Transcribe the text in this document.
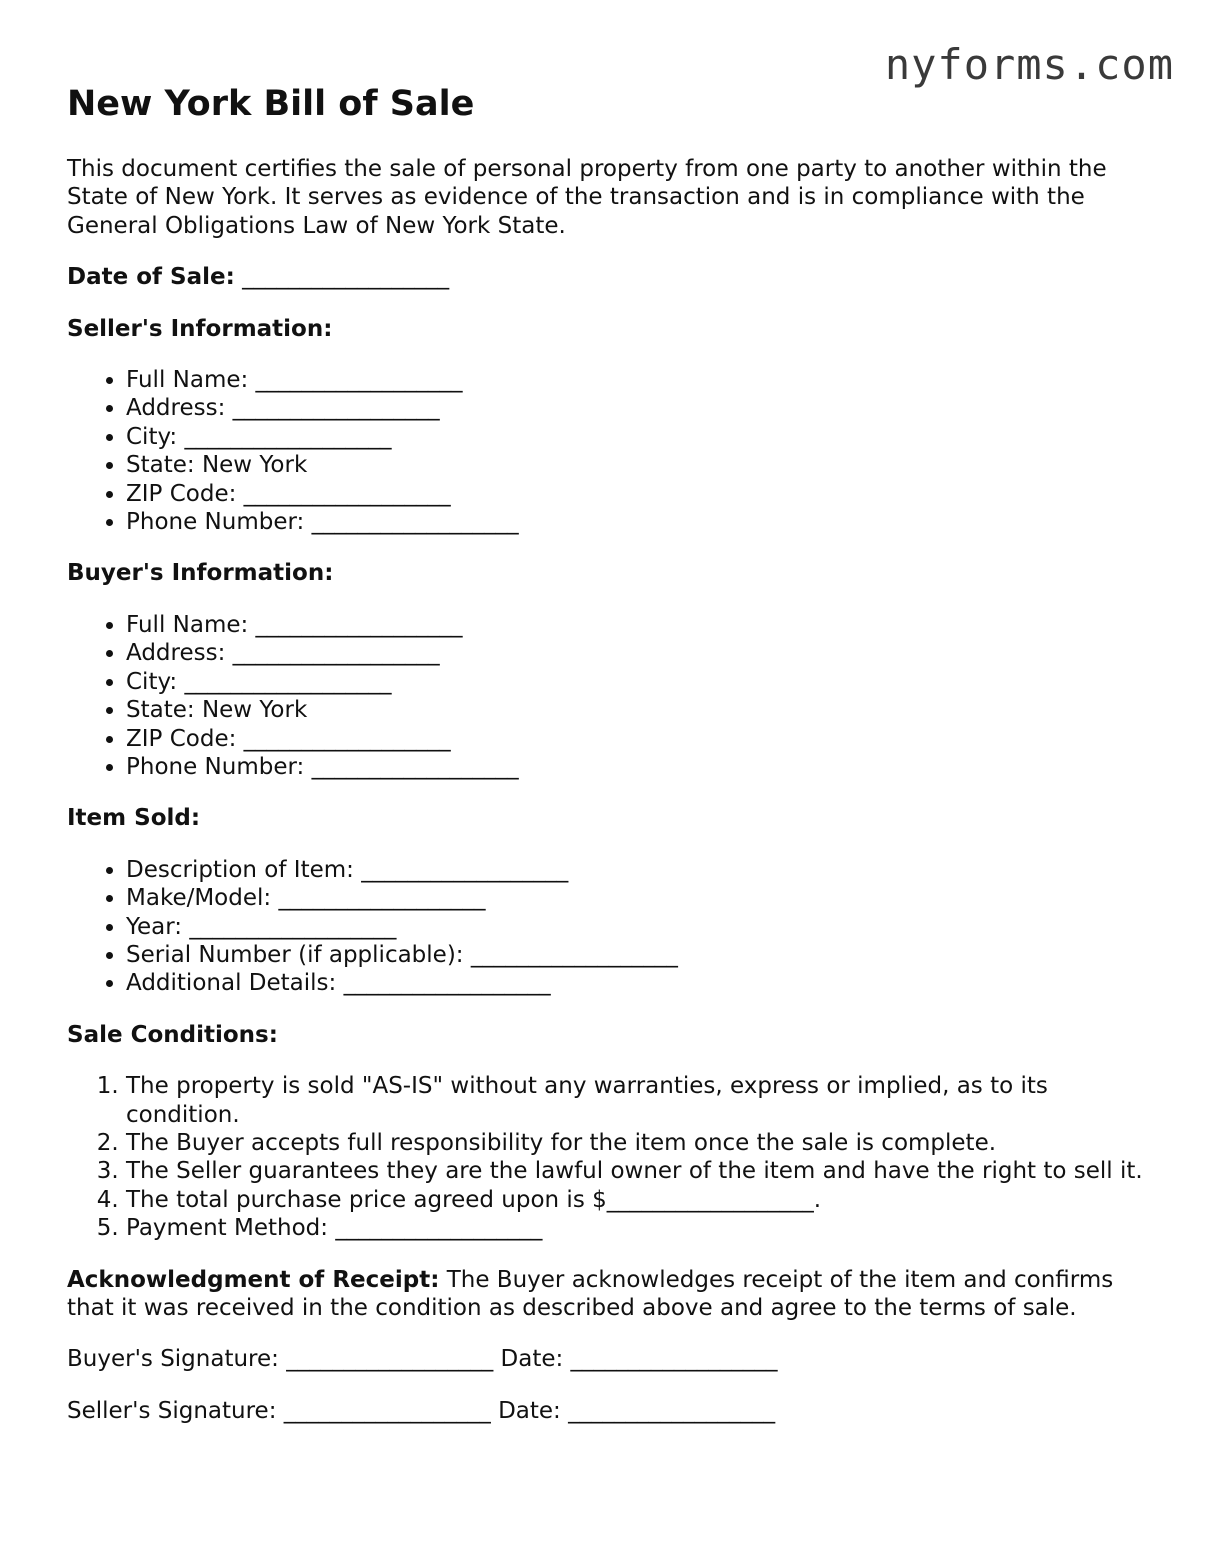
nyforms.com
New York Bill of Sale

This document certifies the sale of personal property from one party to another within the State of New York. It serves as evidence of the transaction and is in compliance with the General Obligations Law of New York State.

Date of Sale: __________________

Seller's Information:

• Full Name: __________________
• Address: __________________
• City: __________________
• State: New York
• ZIP Code: __________________
• Phone Number: __________________

Buyer's Information:

• Full Name: __________________
• Address: __________________
• City: __________________
• State: New York
• ZIP Code: __________________
• Phone Number: __________________

Item Sold:

• Description of Item: __________________
• Make/Model: __________________
• Year: __________________
• Serial Number (if applicable): __________________
• Additional Details: __________________

Sale Conditions:

1. The property is sold "AS-IS" without any warranties, express or implied, as to its condition.
2. The Buyer accepts full responsibility for the item once the sale is complete.
3. The Seller guarantees they are the lawful owner of the item and have the right to sell it.
4. The total purchase price agreed upon is $__________________.
5. Payment Method: __________________

Acknowledgment of Receipt: The Buyer acknowledges receipt of the item and confirms that it was received in the condition as described above and agree to the terms of sale.

Buyer's Signature: __________________ Date: __________________

Seller's Signature: __________________ Date: __________________
